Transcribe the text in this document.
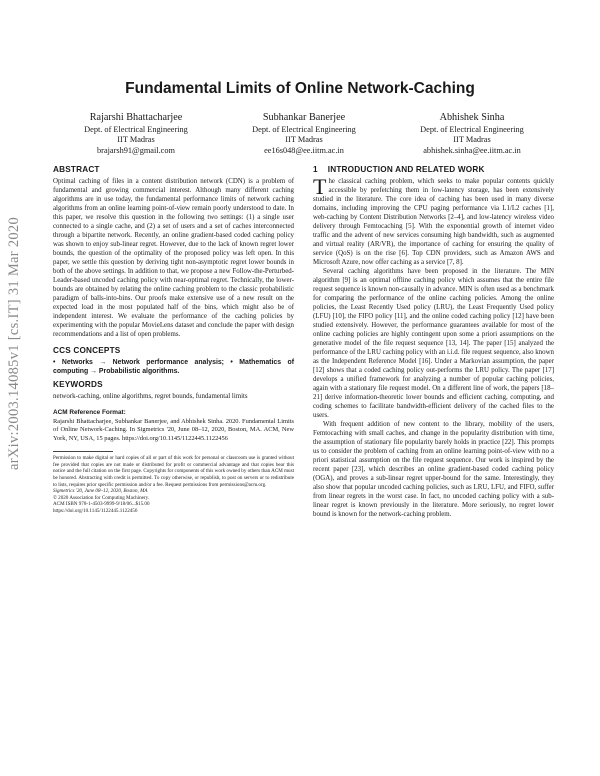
arXiv:2003.14085v1 [cs.IT] 31 Mar 2020
Fundamental Limits of Online Network-Caching
Rajarshi Bhattacharjee
Dept. of Electrical Engineering
IIT Madras
brajarsh91@gmail.com
Subhankar Banerjee
Dept. of Electrical Engineering
IIT Madras
ee16s048@ee.iitm.ac.in
Abhishek Sinha
Dept. of Electrical Engineering
IIT Madras
abhishek.sinha@ee.iitm.ac.in
ABSTRACT

Optimal caching of files in a content distribution network (CDN) is a problem of fundamental and growing commercial interest. Although many different caching algorithms are in use today, the fundamental performance limits of network caching algorithms from an online learning point-of-view remain poorly understood to date. In this paper, we resolve this question in the following two settings: (1) a single user connected to a single cache, and (2) a set of users and a set of caches interconnected through a bipartite network. Recently, an online gradient-based coded caching policy was shown to enjoy sub-linear regret. However, due to the lack of known regret lower bounds, the question of the optimality of the proposed policy was left open. In this paper, we settle this question by deriving tight non-asymptotic regret lower bounds in both of the above settings. In addition to that, we propose a new Follow-the-Perturbed-Leader-based uncoded caching policy with near-optimal regret. Technically, the lower-bounds are obtained by relating the online caching problem to the classic probabilistic paradigm of balls-into-bins. Our proofs make extensive use of a new result on the expected load in the most populated half of the bins, which might also be of independent interest. We evaluate the performance of the caching policies by experimenting with the popular MovieLens dataset and conclude the paper with design recommendations and a list of open problems.

CCS CONCEPTS

• Networks → Network performance analysis; • Mathematics of computing → Probabilistic algorithms.

KEYWORDS

network-caching, online algorithms, regret bounds, fundamental limits

ACM Reference Format:

Rajarshi Bhattacharjee, Subhankar Banerjee, and Abhishek Sinha. 2020. Fundamental Limits of Online Network-Caching. In Sigmetrics '20, June 08–12, 2020, Boston, MA. ACM, New York, NY, USA, 15 pages. https://doi.org/10.1145/1122445.1122456

Permission to make digital or hard copies of all or part of this work for personal or classroom use is granted without fee provided that copies are not made or distributed for profit or commercial advantage and that copies bear this notice and the full citation on the first page. Copyrights for components of this work owned by others than ACM must be honored. Abstracting with credit is permitted. To copy otherwise, or republish, to post on servers or to redistribute to lists, requires prior specific permission and/or a fee. Request permissions from permissions@acm.org.

Sigmetrics '20, June 08–12, 2020, Boston, MA

© 2020 Association for Computing Machinery.

ACM ISBN 978-1-4503-9999-9/18/06...$15.00

https://doi.org/10.1145/1122445.1122456

1 INTRODUCTION AND RELATED WORK

The classical caching problem, which seeks to make popular contents quickly accessible by prefetching them in low-latency storage, has been extensively studied in the literature. The core idea of caching has been used in many diverse domains, including improving the CPU paging performance via L1/L2 caches [1], web-caching by Content Distribution Networks [2–4], and low-latency wireless video delivery through Femtocaching [5]. With the exponential growth of internet video traffic and the advent of new services consuming high bandwidth, such as augmented and virtual reality (AR/VR), the importance of caching for ensuring the quality of service (QoS) is on the rise [6]. Top CDN providers, such as Amazon AWS and Microsoft Azure, now offer caching as a service [7, 8].

Several caching algorithms have been proposed in the literature. The MIN algorithm [9] is an optimal offline caching policy which assumes that the entire file request sequence is known non-causally in advance. MIN is often used as a benchmark for comparing the performance of the online caching policies. Among the online policies, the Least Recently Used policy (LRU), the Least Frequently Used policy (LFU) [10], the FIFO policy [11], and the online coded caching policy [12] have been studied extensively. However, the performance guarantees available for most of the online caching policies are highly contingent upon some a priori assumptions on the generative model of the file request sequence [13, 14]. The paper [15] analyzed the performance of the LRU caching policy with an i.i.d. file request sequence, also known as the Independent Reference Model [16]. Under a Markovian assumption, the paper [12] shows that a coded caching policy out-performs the LRU policy. The paper [17] develops a unified framework for analyzing a number of popular caching policies, again with a stationary file request model. On a different line of work, the papers [18–21] derive information-theoretic lower bounds and efficient caching, computing, and coding schemes to facilitate bandwidth-efficient delivery of the cached files to the users.

With frequent addition of new content to the library, mobility of the users, Femtocaching with small caches, and change in the popularity distribution with time, the assumption of stationary file popularity barely holds in practice [22]. This prompts us to consider the problem of caching from an online learning point-of-view with no a priori statistical assumption on the file request sequence. Our work is inspired by the recent paper [23], which describes an online gradient-based coded caching policy (OGA), and proves a sub-linear regret upper-bound for the same. Interestingly, they also show that popular uncoded caching policies, such as LRU, LFU, and FIFO, suffer from linear regrets in the worst case. In fact, no uncoded caching policy with a sub-linear regret is known previously in the literature. More seriously, no regret lower bound is known for the network-caching problem.
